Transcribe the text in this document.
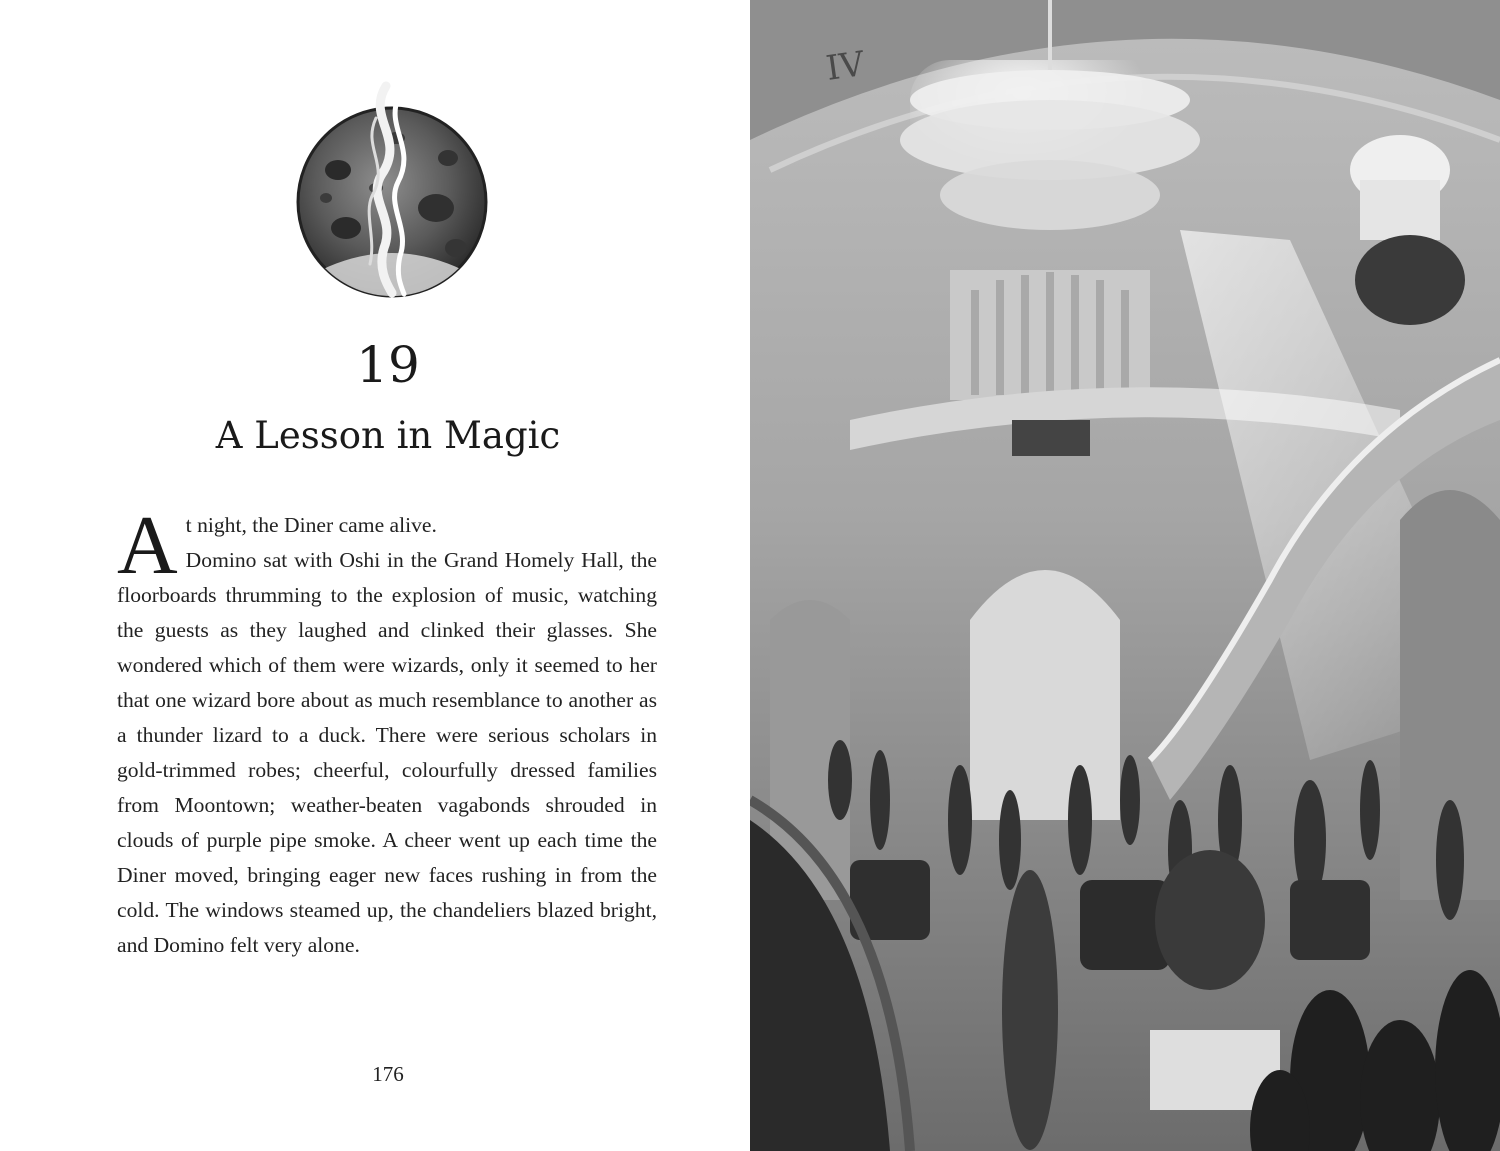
19
A Lesson in Magic

A t night, the Diner came alive.
Domino sat with Oshi in the Grand Homely Hall, the floorboards thrumming to the explosion of music, watching the guests as they laughed and clinked their glasses. She wondered which of them were wizards, only it seemed to her that one wizard bore about as much resemblance to another as a thunder lizard to a duck. There were serious scholars in gold-trimmed robes; cheerful, colourfully dressed families from Moontown; weather-beaten vagabonds shrouded in clouds of purple pipe smoke. A cheer went up each time the Diner moved, bringing eager new faces rushing in from the cold. The windows steamed up, the chandeliers blazed bright, and Domino felt very alone.

176
IV
